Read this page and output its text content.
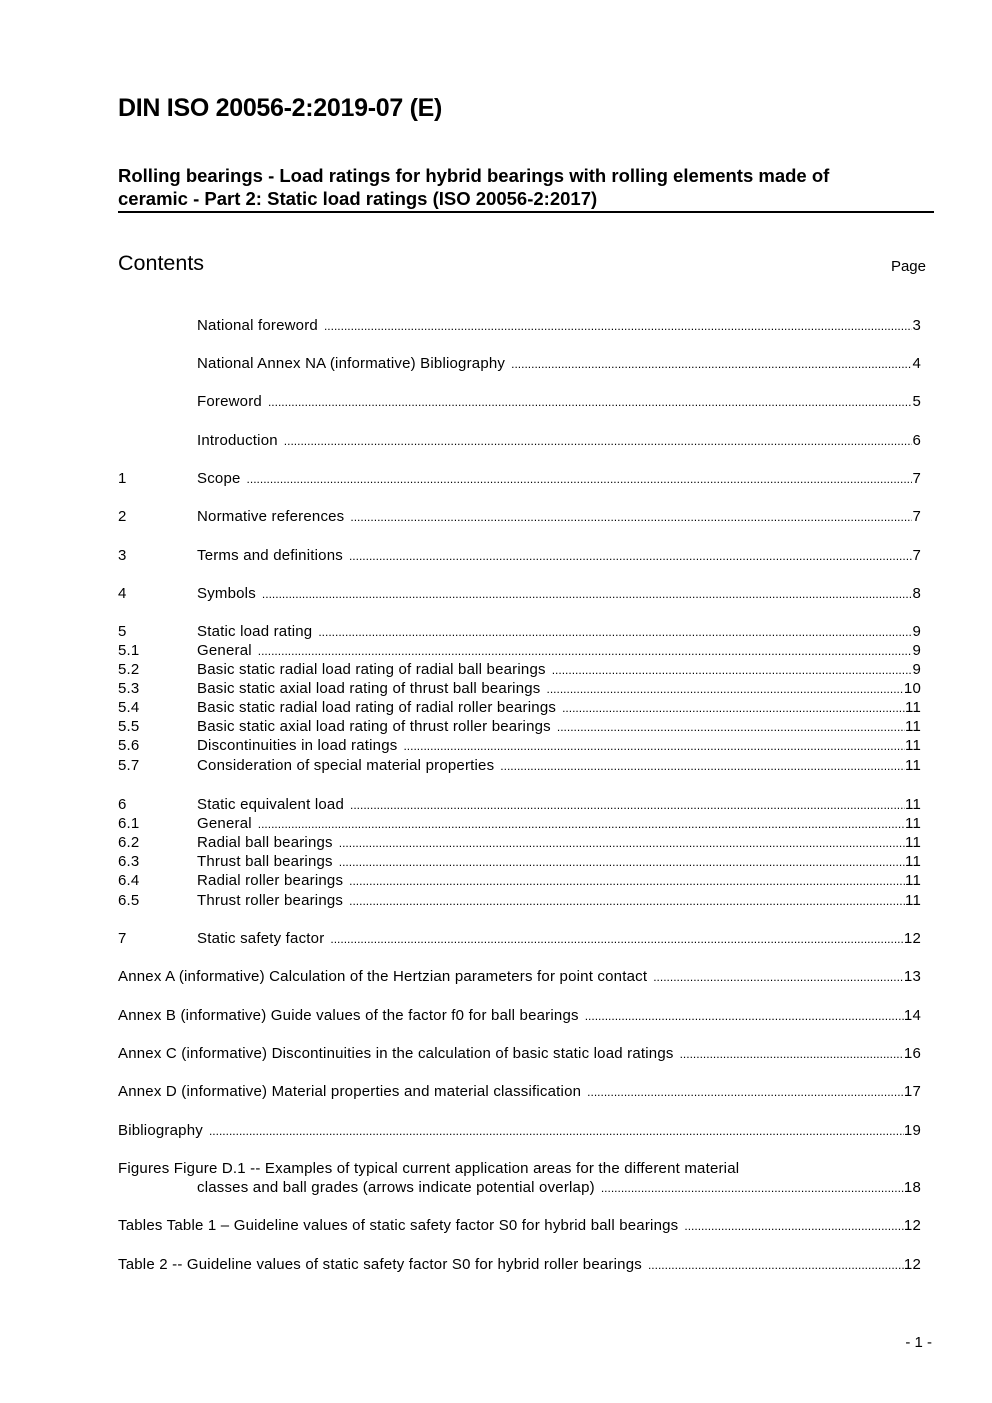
DIN ISO 20056-2:2019-07 (E)
Rolling bearings - Load ratings for hybrid bearings with rolling elements made of
ceramic - Part 2: Static load ratings (ISO 20056-2:2017)
Contents	Page
National foreword .....	3
National Annex NA (informative) Bibliography .....	4
Foreword .....	5
Introduction .....	6
1	Scope .....	7
2	Normative references .....	7
3	Terms and definitions .....	7
4	Symbols .....	8
5	Static load rating .....	9
5.1	General .....	9
5.2	Basic static radial load rating of radial ball bearings .....	9
5.3	Basic static axial load rating of thrust ball bearings .....	10
5.4	Basic static radial load rating of radial roller bearings .....	11
5.5	Basic static axial load rating of thrust roller bearings .....	11
5.6	Discontinuities in load ratings .....	11
5.7	Consideration of special material properties .....	11
6	Static equivalent load .....	11
6.1	General .....	11
6.2	Radial ball bearings .....	11
6.3	Thrust ball bearings .....	11
6.4	Radial roller bearings .....	11
6.5	Thrust roller bearings .....	11
7	Static safety factor .....	12
Annex A (informative) Calculation of the Hertzian parameters for point contact .....	13
Annex B (informative) Guide values of the factor f0 for ball bearings .....	14
Annex C (informative) Discontinuities in the calculation of basic static load ratings .....	16
Annex D (informative) Material properties and material classification .....	17
Bibliography .....	19
Figures Figure D.1 -- Examples of typical current application areas for the different material
classes and ball grades (arrows indicate potential overlap) .....	18
Tables Table 1 – Guideline values of static safety factor S0 for hybrid ball bearings .....	12
Table 2 -- Guideline values of static safety factor S0 for hybrid roller bearings .....	12
- 1 -
